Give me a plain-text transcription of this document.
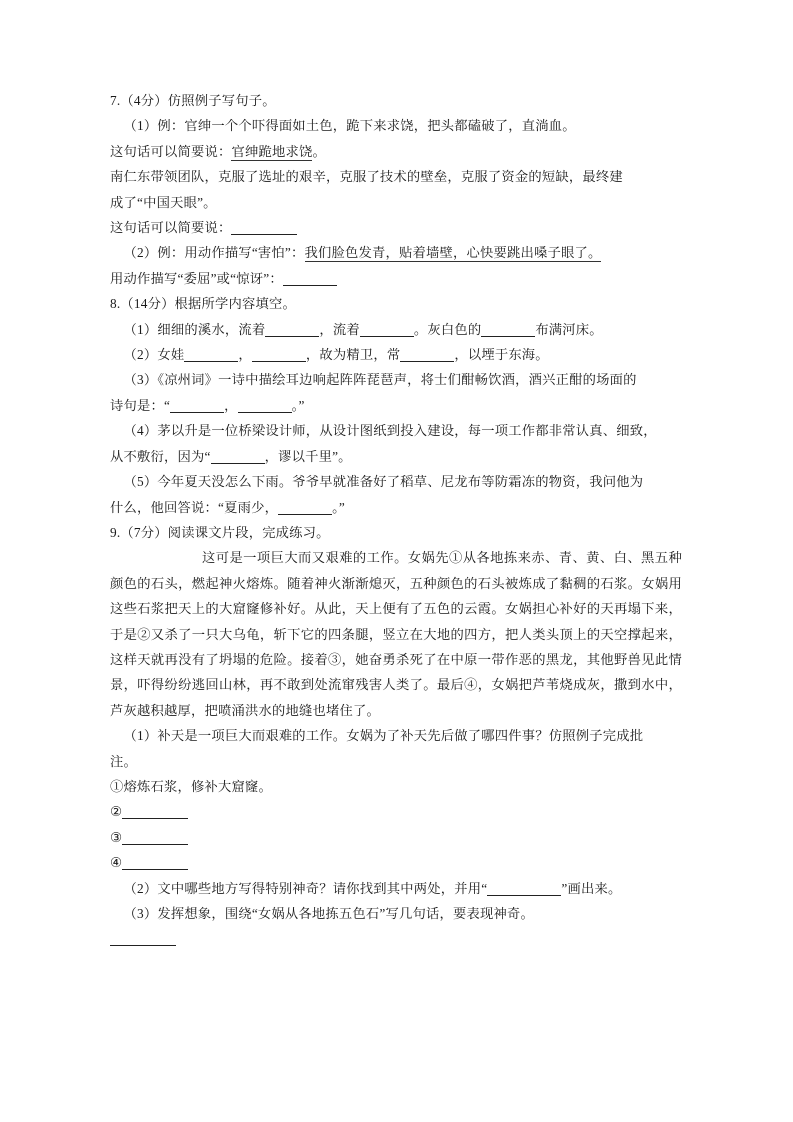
7.（4分）仿照例子写句子。
（1）例：官绅一个个吓得面如土色，跪下来求饶，把头都磕破了，直淌血。
这句话可以简要说：官绅跪地求饶。
南仁东带领团队，克服了选址的艰辛，克服了技术的壁垒，克服了资金的短缺，最终建
成了“中国天眼”。
这句话可以简要说：
（2）例：用动作描写“害怕”：我们脸色发青，贴着墙壁，心快要跳出嗓子眼了。
用动作描写“委屈”或“惊讶”：
8.（14分）根据所学内容填空。
（1）细细的溪水，流着	，流着	。灰白色的	布满河床。
（2）女娃	，	，故为精卫，常	，以堙于东海。
（3）《凉州词》一诗中描绘耳边响起阵阵琵琶声，将士们酣畅饮酒，酒兴正酣的场面的
诗句是：“	，	。”
（4）茅以升是一位桥梁设计师，从设计图纸到投入建设，每一项工作都非常认真、细致，
从不敷衍，因为“	，谬以千里”。
（5）今年夏天没怎么下雨。爷爷早就准备好了稻草、尼龙布等防霜冻的物资，我问他为
什么，他回答说：“夏雨少，	。”
9.（7分）阅读课文片段，完成练习。

这可是一项巨大而又艰难的工作。女娲先①从各地拣来赤、青、黄、白、黑五种颜色的石头，燃起神火熔炼。随着神火渐渐熄灭，五种颜色的石头被炼成了黏稠的石浆。女娲用这些石浆把天上的大窟窿修补好。从此，天上便有了五色的云霞。女娲担心补好的天再塌下来，于是②又杀了一只大乌龟，斩下它的四条腿，竖立在大地的四方，把人类头顶上的天空撑起来，这样天就再没有了坍塌的危险。接着③，她奋勇杀死了在中原一带作恶的黑龙，其他野兽见此情景，吓得纷纷逃回山林，再不敢到处流窜残害人类了。最后④，女娲把芦苇烧成灰，撒到水中，芦灰越积越厚，把喷涌洪水的地缝也堵住了。

（1）补天是一项巨大而艰难的工作。女娲为了补天先后做了哪四件事？仿照例子完成批
注。
①熔炼石浆，修补大窟窿。
②
③
④
（2）文中哪些地方写得特别神奇？请你找到其中两处，并用“	”画出来。
（3）发挥想象，围绕“女娲从各地拣五色石”写几句话，要表现神奇。
